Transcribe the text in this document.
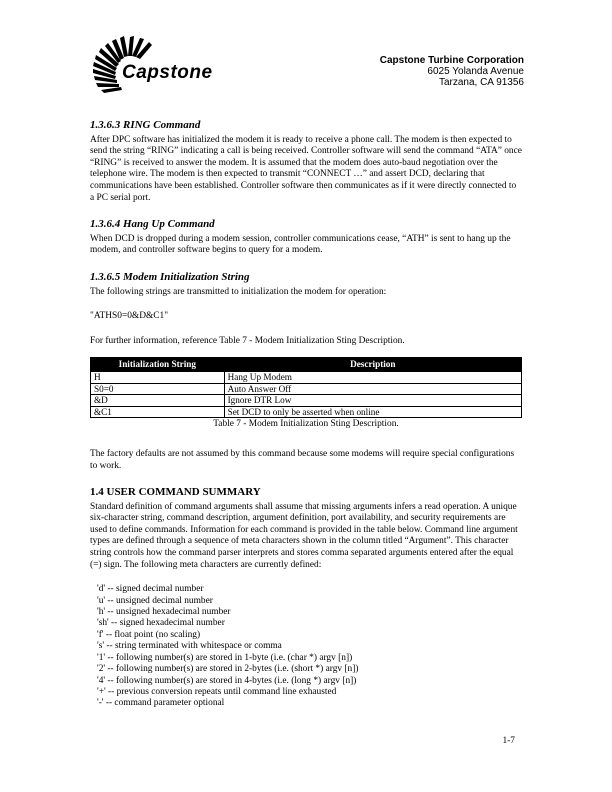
Capstone
Capstone Turbine Corporation
6025 Yolanda Avenue
Tarzana, CA 91356
1.3.6.3 RING Command

After DPC software has initialized the modem it is ready to receive a phone call. The modem is then expected to send the string “RING” indicating a call is being received. Controller software will send the command “ATA” once “RING” is received to answer the modem. It is assumed that the modem does auto-baud negotiation over the telephone wire. The modem is then expected to transmit “CONNECT …” and assert DCD, declaring that communications have been established. Controller software then communicates as if it were directly connected to a PC serial port.

1.3.6.4 Hang Up Command

When DCD is dropped during a modem session, controller communications cease, “ATH” is sent to hang up the modem, and controller software begins to query for a modem.

1.3.6.5 Modem Initialization String

The following strings are transmitted to initialization the modem for operation:

"ATHS0=0&D&C1"

For further information, reference Table 7 - Modem Initialization Sting Description.

Initialization String	Description
H	Hang Up Modem
S0=0	Auto Answer Off
&D	Ignore DTR Low
&C1	Set DCD to only be asserted when online
Table 7 - Modem Initialization Sting Description.

The factory defaults are not assumed by this command because some modems will require special configurations to work.

1.4 USER COMMAND SUMMARY

Standard definition of command arguments shall assume that missing arguments infers a read operation. A unique six-character string, command description, argument definition, port availability, and security requirements are used to define commands. Information for each command is provided in the table below. Command line argument types are defined through a sequence of meta characters shown in the column titled “Argument”. This character string controls how the command parser interprets and stores comma separated arguments entered after the equal (=) sign. The following meta characters are currently defined:

'd' -- signed decimal number
'u' -- unsigned decimal number
'h' -- unsigned hexadecimal number
'sh' -- signed hexadecimal number
'f' -- float point (no scaling)
's' -- string terminated with whitespace or comma
'1' -- following number(s) are stored in 1-byte (i.e. (char *) argv [n])
'2' -- following number(s) are stored in 2-bytes (i.e. (short *) argv [n])
'4' -- following number(s) are stored in 4-bytes (i.e. (long *) argv [n])
'+' -- previous conversion repeats until command line exhausted
'-' -- command parameter optional
1-7
